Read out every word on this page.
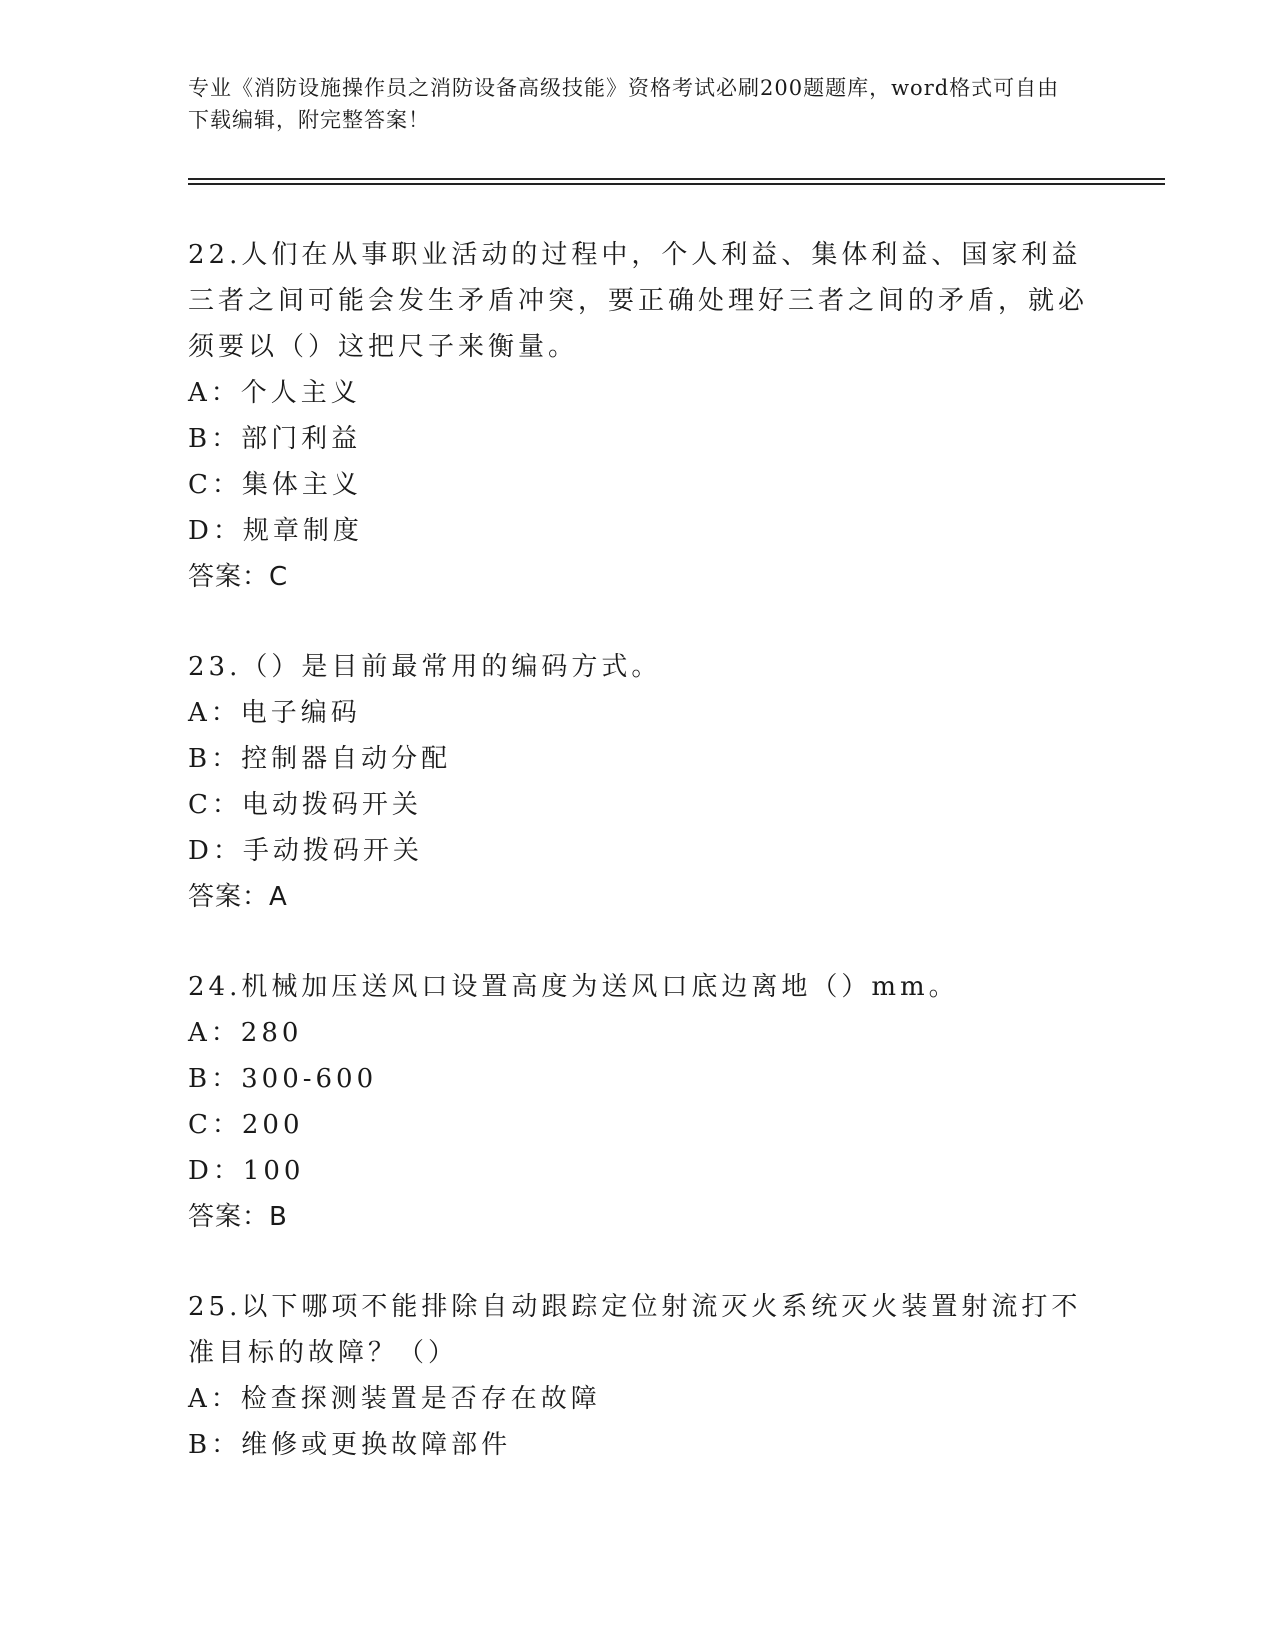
专业《消防设施操作员之消防设备高级技能》资格考试必刷200题题库，word格式可自由下载编辑，附完整答案！
22.人们在从事职业活动的过程中，个人利益、集体利益、国家利益三者之间可能会发生矛盾冲突，要正确处理好三者之间的矛盾，就必须要以（）这把尺子来衡量。
A：个人主义
B：部门利益
C：集体主义
D：规章制度
答案：C
23.（）是目前最常用的编码方式。
A：电子编码
B：控制器自动分配
C：电动拨码开关
D：手动拨码开关
答案：A
24.机械加压送风口设置高度为送风口底边离地（）mm。
A：280
B：300-600
C：200
D：100
答案：B
25.以下哪项不能排除自动跟踪定位射流灭火系统灭火装置射流打不准目标的故障？（）
A：检查探测装置是否存在故障
B：维修或更换故障部件
